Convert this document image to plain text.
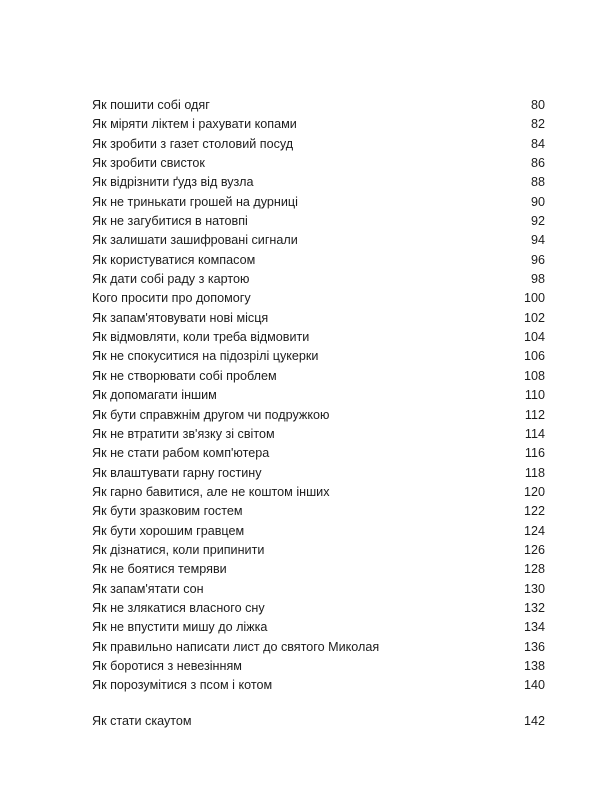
Як пошити собі одяг	80
Як міряти ліктем і рахувати копами	82
Як зробити з газет столовий посуд	84
Як зробити свисток	86
Як відрізнити ґудз від вузла	88
Як не тринькати грошей на дурниці	90
Як не загубитися в натовпі	92
Як залишати зашифровані сигнали	94
Як користуватися компасом	96
Як дати собі раду з картою	98
Кого просити про допомогу	100
Як запам'ятовувати нові місця	102
Як відмовляти, коли треба відмовити	104
Як не спокуситися на підозрілі цукерки	106
Як не створювати собі проблем	108
Як допомагати іншим	110
Як бути справжнім другом чи подружкою	112
Як не втратити зв'язку зі світом	114
Як не стати рабом комп'ютера	116
Як влаштувати гарну гостину	118
Як гарно бавитися, але не коштом інших	120
Як бути зразковим гостем	122
Як бути хорошим гравцем	124
Як дізнатися, коли припинити	126
Як не боятися темряви	128
Як запам'ятати сон	130
Як не злякатися власного сну	132
Як не впустити мишу до ліжка	134
Як правильно написати лист до святого Миколая	136
Як боротися з невезінням	138
Як порозумітися з псом і котом	140
Як стати скаутом	142
